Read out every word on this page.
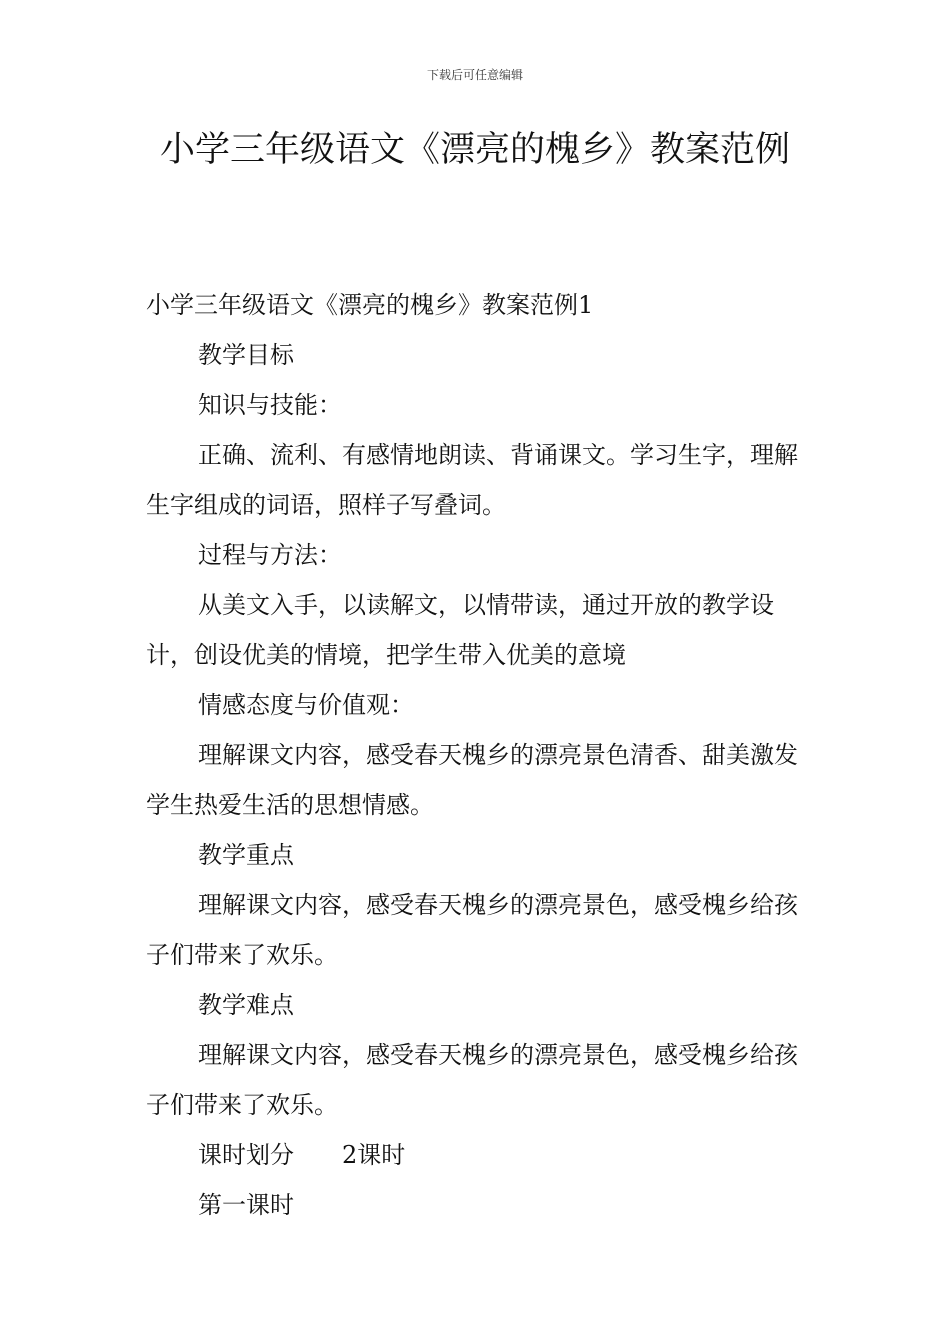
下载后可任意编辑
小学三年级语文《漂亮的槐乡》教案范例

小学三年级语文《漂亮的槐乡》教案范例1

教学目标

知识与技能：

正确、流利、有感情地朗读、背诵课文。学习生字，理解生字组成的词语，照样子写叠词。

过程与方法：

从美文入手，以读解文，以情带读，通过开放的教学设计，创设优美的情境，把学生带入优美的意境

情感态度与价值观：

理解课文内容，感受春天槐乡的漂亮景色清香、甜美激发学生热爱生活的思想情感。

教学重点

理解课文内容，感受春天槐乡的漂亮景色，感受槐乡给孩子们带来了欢乐。

教学难点

理解课文内容，感受春天槐乡的漂亮景色，感受槐乡给孩子们带来了欢乐。

课时划分 2课时

第一课时
